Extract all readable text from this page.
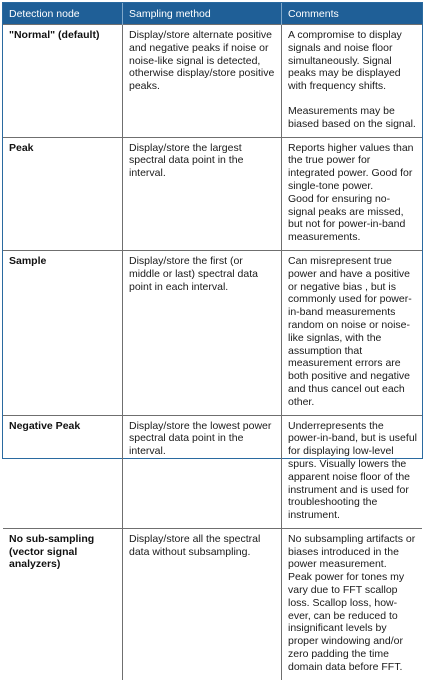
Detection node	Sampling method	Comments
"Normal" (default)	Display/store alternate positive and negative peaks if noise or noise-like signal is detected, otherwise display/store positive peaks.	A compromise to display signals and noise floor simultaneously. Signal peaks may be displayed with frequency shifts.
Measurements may be biased based on the signal.

Peak	Display/store the largest spectral data point in the interval.	Reports higher values than the true power for integrated power. Good for single-tone power.
Good for ensuring no-signal peaks are missed, but not for power-in-band measurements.

Sample	Display/store the first (or middle or last) spectral data point in each interval.	Can misrepresent true power and have a positive or negative bias , but is commonly used for power-in-band measurements random on noise or noise-like signlas, with the assumption that measurement errors are both positive and negative and thus cancel out each other.

Negative Peak	Display/store the lowest power spectral data point in the interval.	Underrepresents the power-in-band, but is useful for displaying low-level spurs. Visually lowers the apparent noise floor of the instrument and is used for troubleshooting the instrument.

No sub-sampling (vector signal analyzers)	Display/store all the spectral data without subsampling.	No subsampling artifacts or biases introduced in the power measurement.
Peak power for tones my vary due to FFT scallop loss. Scallop loss, how-ever, can be reduced to insignificant levels by proper windowing and/or zero padding the time domain data before FFT.
